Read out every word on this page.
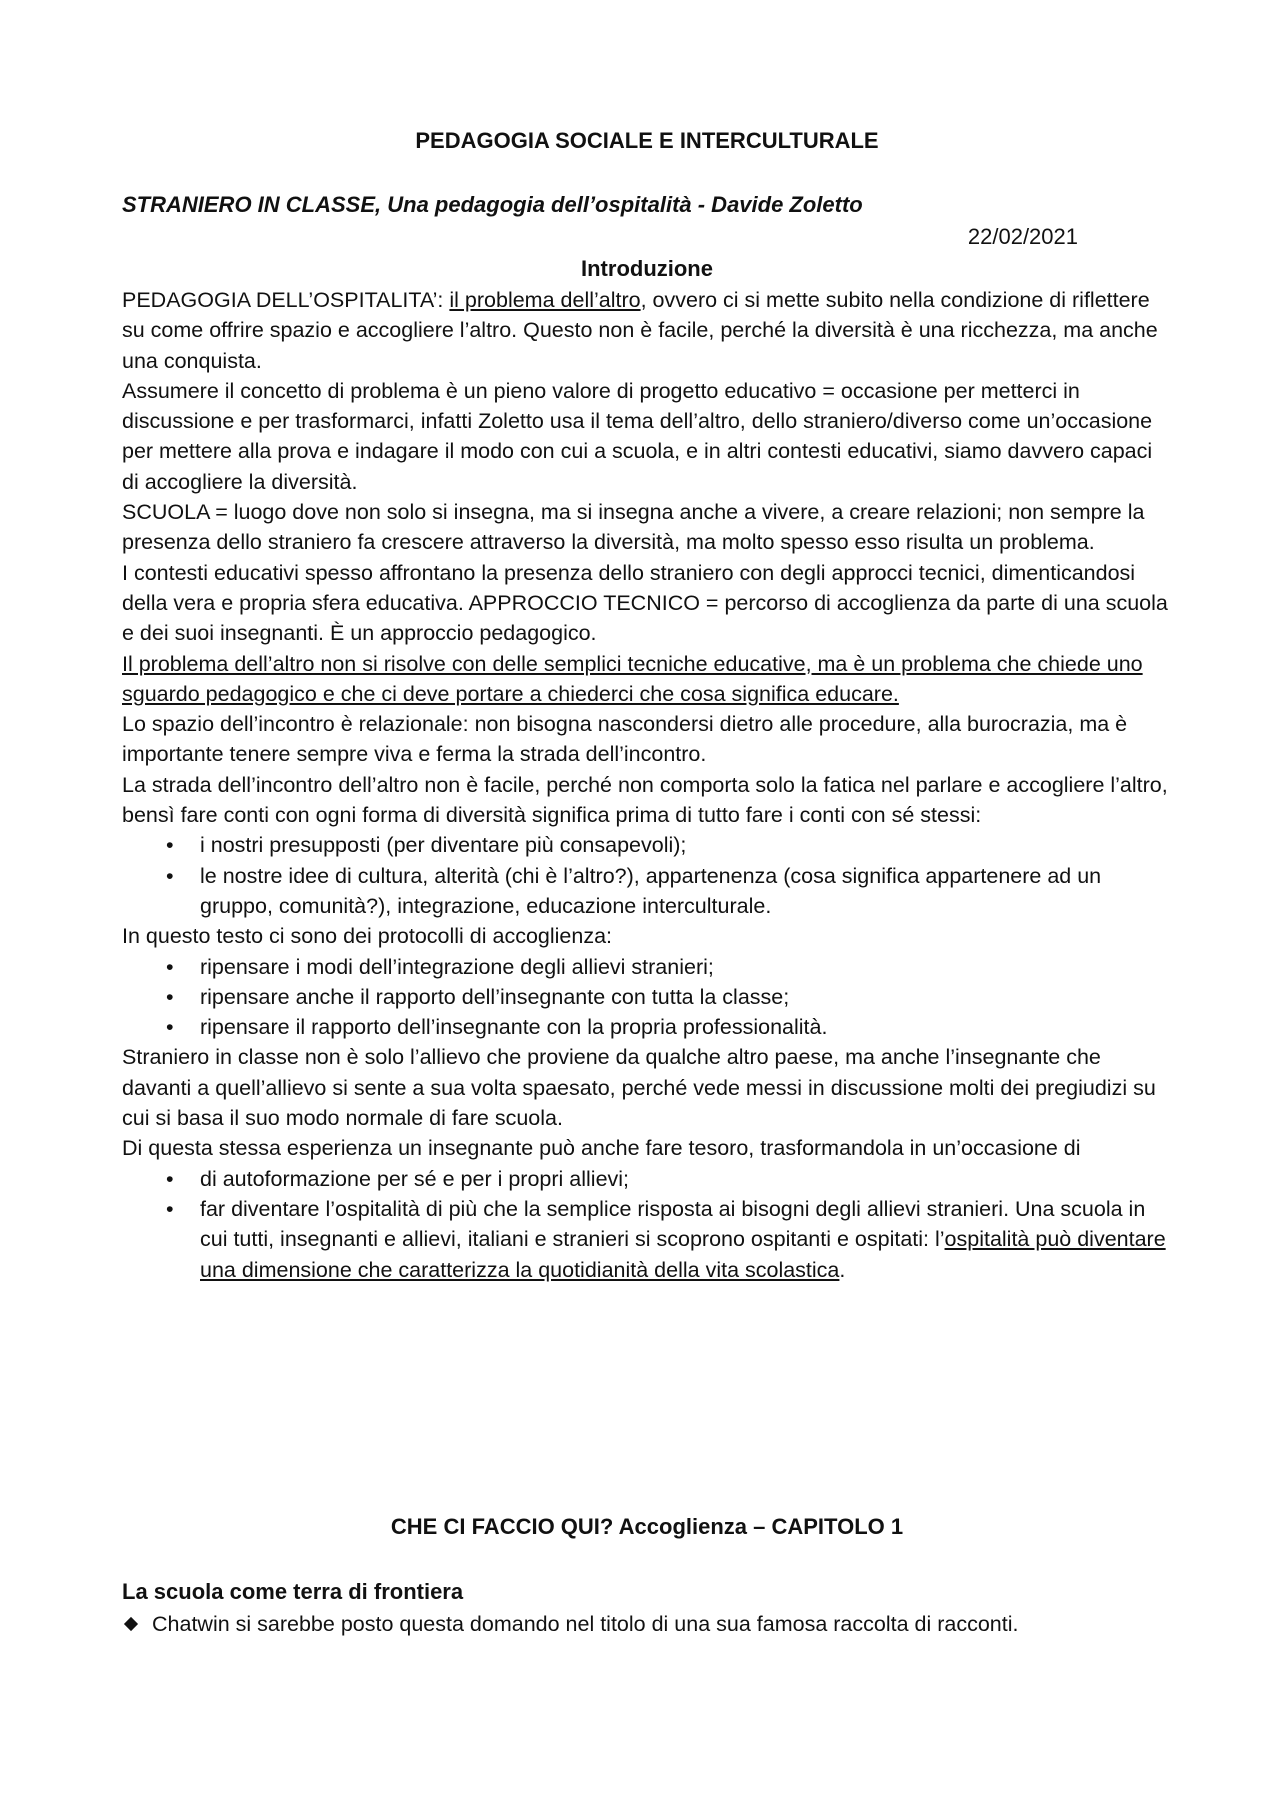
PEDAGOGIA SOCIALE E INTERCULTURALE
STRANIERO IN CLASSE, Una pedagogia dell’ospitalità - Davide Zoletto
22/02/2021
Introduzione

PEDAGOGIA DELL’OSPITALITA’: il problema dell’altro, ovvero ci si mette subito nella condizione di riflettere su come offrire spazio e accogliere l’altro. Questo non è facile, perché la diversità è una ricchezza, ma anche una conquista.

Assumere il concetto di problema è un pieno valore di progetto educativo = occasione per metterci in discussione e per trasformarci, infatti Zoletto usa il tema dell’altro, dello straniero/diverso come un’occasione per mettere alla prova e indagare il modo con cui a scuola, e in altri contesti educativi, siamo davvero capaci di accogliere la diversità.

SCUOLA = luogo dove non solo si insegna, ma si insegna anche a vivere, a creare relazioni; non sempre la presenza dello straniero fa crescere attraverso la diversità, ma molto spesso esso risulta un problema.

I contesti educativi spesso affrontano la presenza dello straniero con degli approcci tecnici, dimenticandosi della vera e propria sfera educativa. APPROCCIO TECNICO = percorso di accoglienza da parte di una scuola e dei suoi insegnanti. È un approccio pedagogico.

Il problema dell’altro non si risolve con delle semplici tecniche educative, ma è un problema che chiede uno sguardo pedagogico e che ci deve portare a chiederci che cosa significa educare.

Lo spazio dell’incontro è relazionale: non bisogna nascondersi dietro alle procedure, alla burocrazia, ma è importante tenere sempre viva e ferma la strada dell’incontro.

La strada dell’incontro dell’altro non è facile, perché non comporta solo la fatica nel parlare e accogliere l’altro, bensì fare conti con ogni forma di diversità significa prima di tutto fare i conti con sé stessi:

• i nostri presupposti (per diventare più consapevoli);
• le nostre idee di cultura, alterità (chi è l’altro?), appartenenza (cosa significa appartenere ad un gruppo, comunità?), integrazione, educazione interculturale.

In questo testo ci sono dei protocolli di accoglienza:

• ripensare i modi dell’integrazione degli allievi stranieri;
• ripensare anche il rapporto dell’insegnante con tutta la classe;
• ripensare il rapporto dell’insegnante con la propria professionalità.

Straniero in classe non è solo l’allievo che proviene da qualche altro paese, ma anche l’insegnante che davanti a quell’allievo si sente a sua volta spaesato, perché vede messi in discussione molti dei pregiudizi su cui si basa il suo modo normale di fare scuola.

Di questa stessa esperienza un insegnante può anche fare tesoro, trasformandola in un’occasione di

• di autoformazione per sé e per i propri allievi;
• far diventare l’ospitalità di più che la semplice risposta ai bisogni degli allievi stranieri. Una scuola in cui tutti, insegnanti e allievi, italiani e stranieri si scoprono ospitanti e ospitati: l’ospitalità può diventare una dimensione che caratterizza la quotidianità della vita scolastica.
CHE CI FACCIO QUI? Accoglienza – CAPITOLO 1
La scuola come terra di frontiera
Chatwin si sarebbe posto questa domando nel titolo di una sua famosa raccolta di racconti.
